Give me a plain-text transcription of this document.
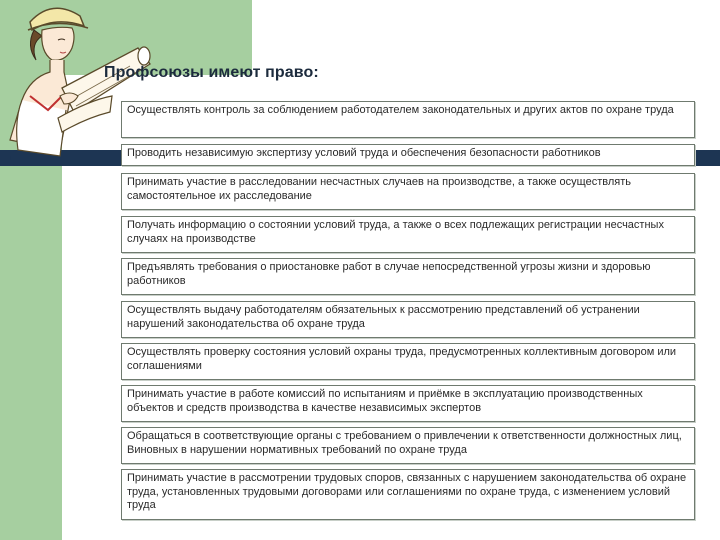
Профсоюзы имеют право:
Осуществлять контроль за соблюдением работодателем законодательных и других актов по охране труда
Проводить независимую экспертизу условий труда и обеспечения безопасности работников
Принимать участие в расследовании несчастных случаев на производстве, а также осуществлять самостоятельное их расследование
Получать информацию о состоянии условий труда, а также о всех подлежащих регистрации несчастных случаях на производстве
Предъявлять требования о приостановке работ в случае непосредственной угрозы жизни и здоровью работников
Осуществлять выдачу работодателям обязательных к рассмотрению представлений об устранении нарушений законодательства об охране труда
Осуществлять проверку состояния условий охраны труда, предусмотренных коллективным договором или соглашениями
Принимать участие в работе комиссий по испытаниям и приёмке в эксплуатацию производственных объектов и средств производства в качестве независимых экспертов
Обращаться в соответствующие органы с требованием о привлечении к ответственности должностных лиц, Виновных в нарушении нормативных требований по охране труда
Принимать участие в рассмотрении трудовых споров, связанных с нарушением законодательства об охране труда, установленных трудовыми договорами или соглашениями по охране труда, с изменением условий труда
